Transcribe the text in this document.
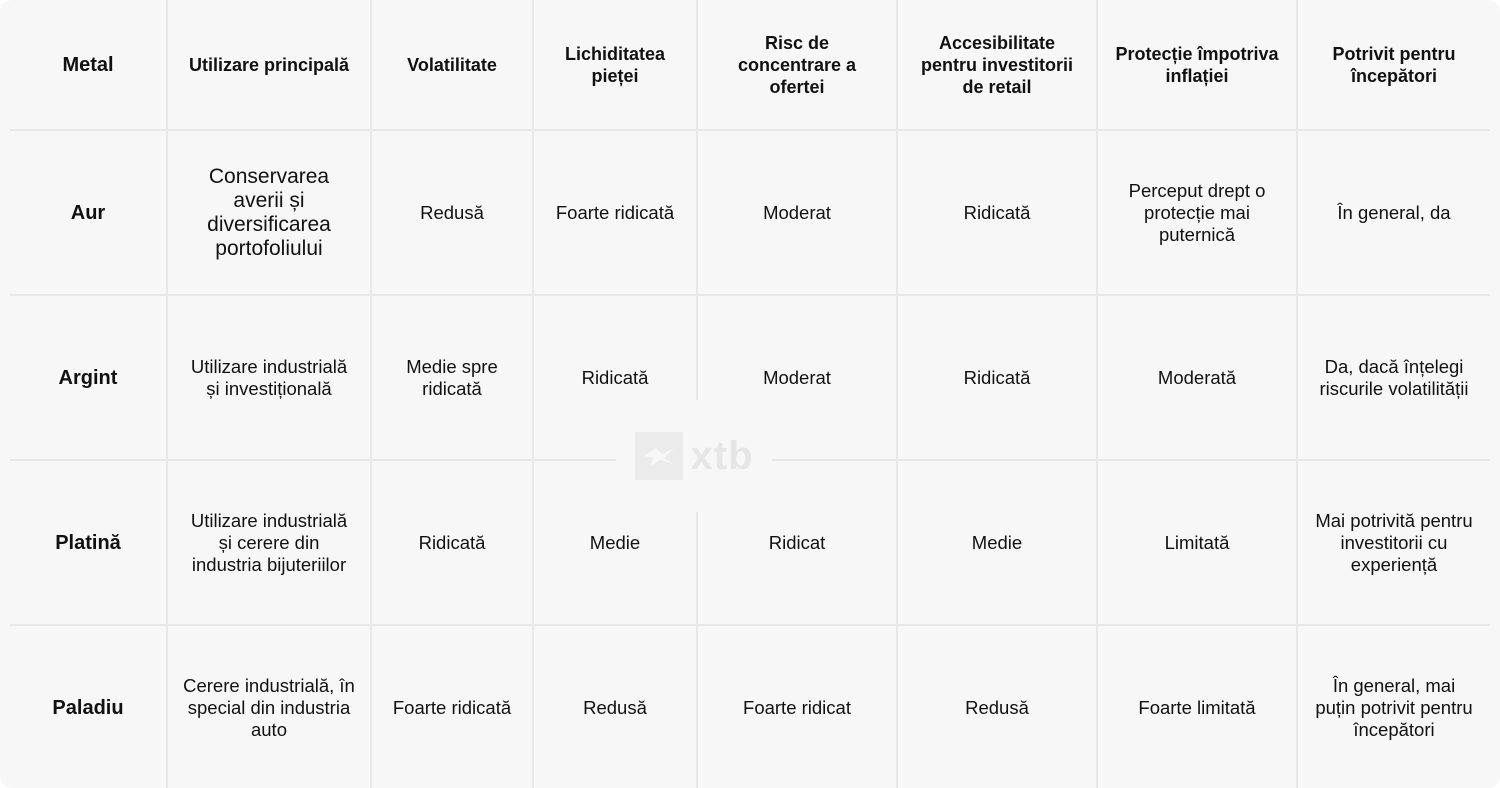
Metal	Utilizare principală	Volatilitate	Lichiditatea pieței	Risc de concentrare a ofertei	Accesibilitate pentru investitorii de retail	Protecție împotriva inflației	Potrivit pentru începători
Aur	Conservarea averii și diversificarea portofoliului	Redusă	Foarte ridicată	Moderat	Ridicată	Perceput drept o protecție mai puternică	În general, da
Argint	Utilizare industrială și investițională	Medie spre ridicată	Ridicată	Moderat	Ridicată	Moderată	Da, dacă înțelegi riscurile volatilității
Platină	Utilizare industrială și cerere din industria bijuteriilor	Ridicată	Medie	Ridicat	Medie	Limitată	Mai potrivită pentru investitorii cu experiență
Paladiu	Cerere industrială, în special din industria auto	Foarte ridicată	Redusă	Foarte ridicat	Redusă	Foarte limitată	În general, mai puțin potrivit pentru începători
xtb
